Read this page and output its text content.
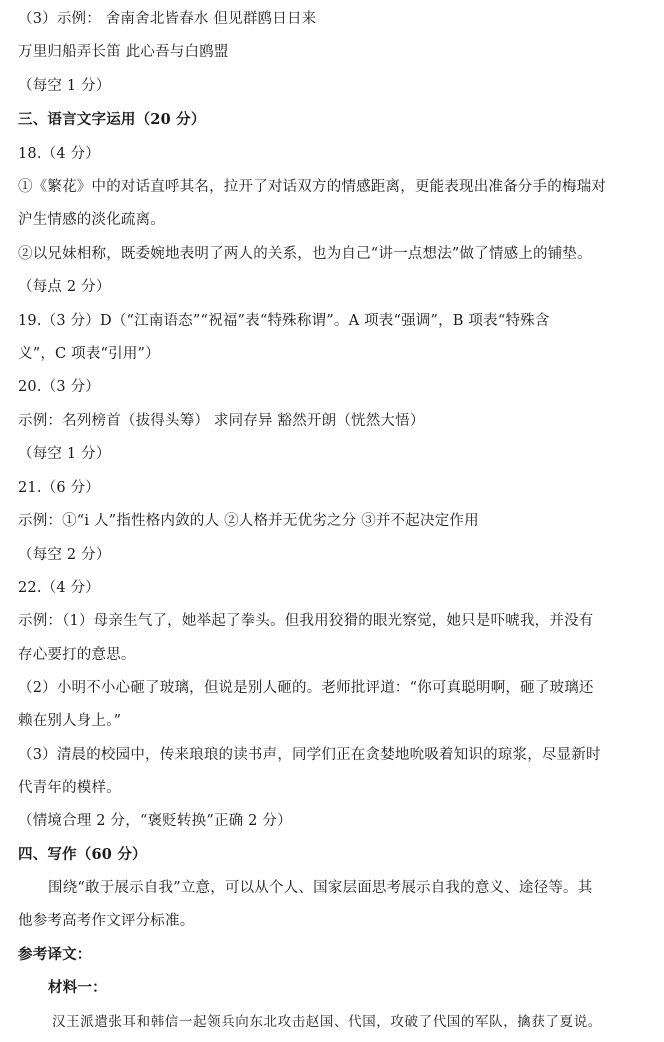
（3）示例： 舍南舍北皆春水 但见群鸥日日来
万里归船弄长笛 此心吾与白鸥盟
（每空 1 分）
三、语言文字运用（20 分）
18.（4 分）
①《繁花》中的对话直呼其名，拉开了对话双方的情感距离，更能表现出准备分手的梅瑞对
沪生情感的淡化疏离。
②以兄妹相称，既委婉地表明了两人的关系，也为自己“讲一点想法”做了情感上的铺垫。
（每点 2 分）
19.（3 分）D（“江南语态”“祝福”表“特殊称谓”。A 项表“强调”，B 项表“特殊含
义”，C 项表“引用”）
20.（3 分）
示例：名列榜首（拔得头筹） 求同存异 豁然开朗（恍然大悟）
（每空 1 分）
21.（6 分）
示例：①“i 人”指性格内敛的人 ②人格并无优劣之分 ③并不起决定作用
（每空 2 分）
22.（4 分）
示例：（1）母亲生气了，她举起了拳头。但我用狡猾的眼光察觉，她只是吓唬我，并没有
存心要打的意思。
（2）小明不小心砸了玻璃，但说是别人砸的。老师批评道：“你可真聪明啊，砸了玻璃还
赖在别人身上。”
（3）清晨的校园中，传来琅琅的读书声，同学们正在贪婪地吮吸着知识的琼浆，尽显新时
代青年的模样。
（情境合理 2 分，“褒贬转换”正确 2 分）
四、写作（60 分）
围绕“敢于展示自我”立意，可以从个人、国家层面思考展示自我的意义、途径等。其
他参考高考作文评分标准。
参考译文：
材料一：
汉王派遣张耳和韩信一起领兵向东北攻击赵国、代国，攻破了代国的军队，擒获了夏说。
